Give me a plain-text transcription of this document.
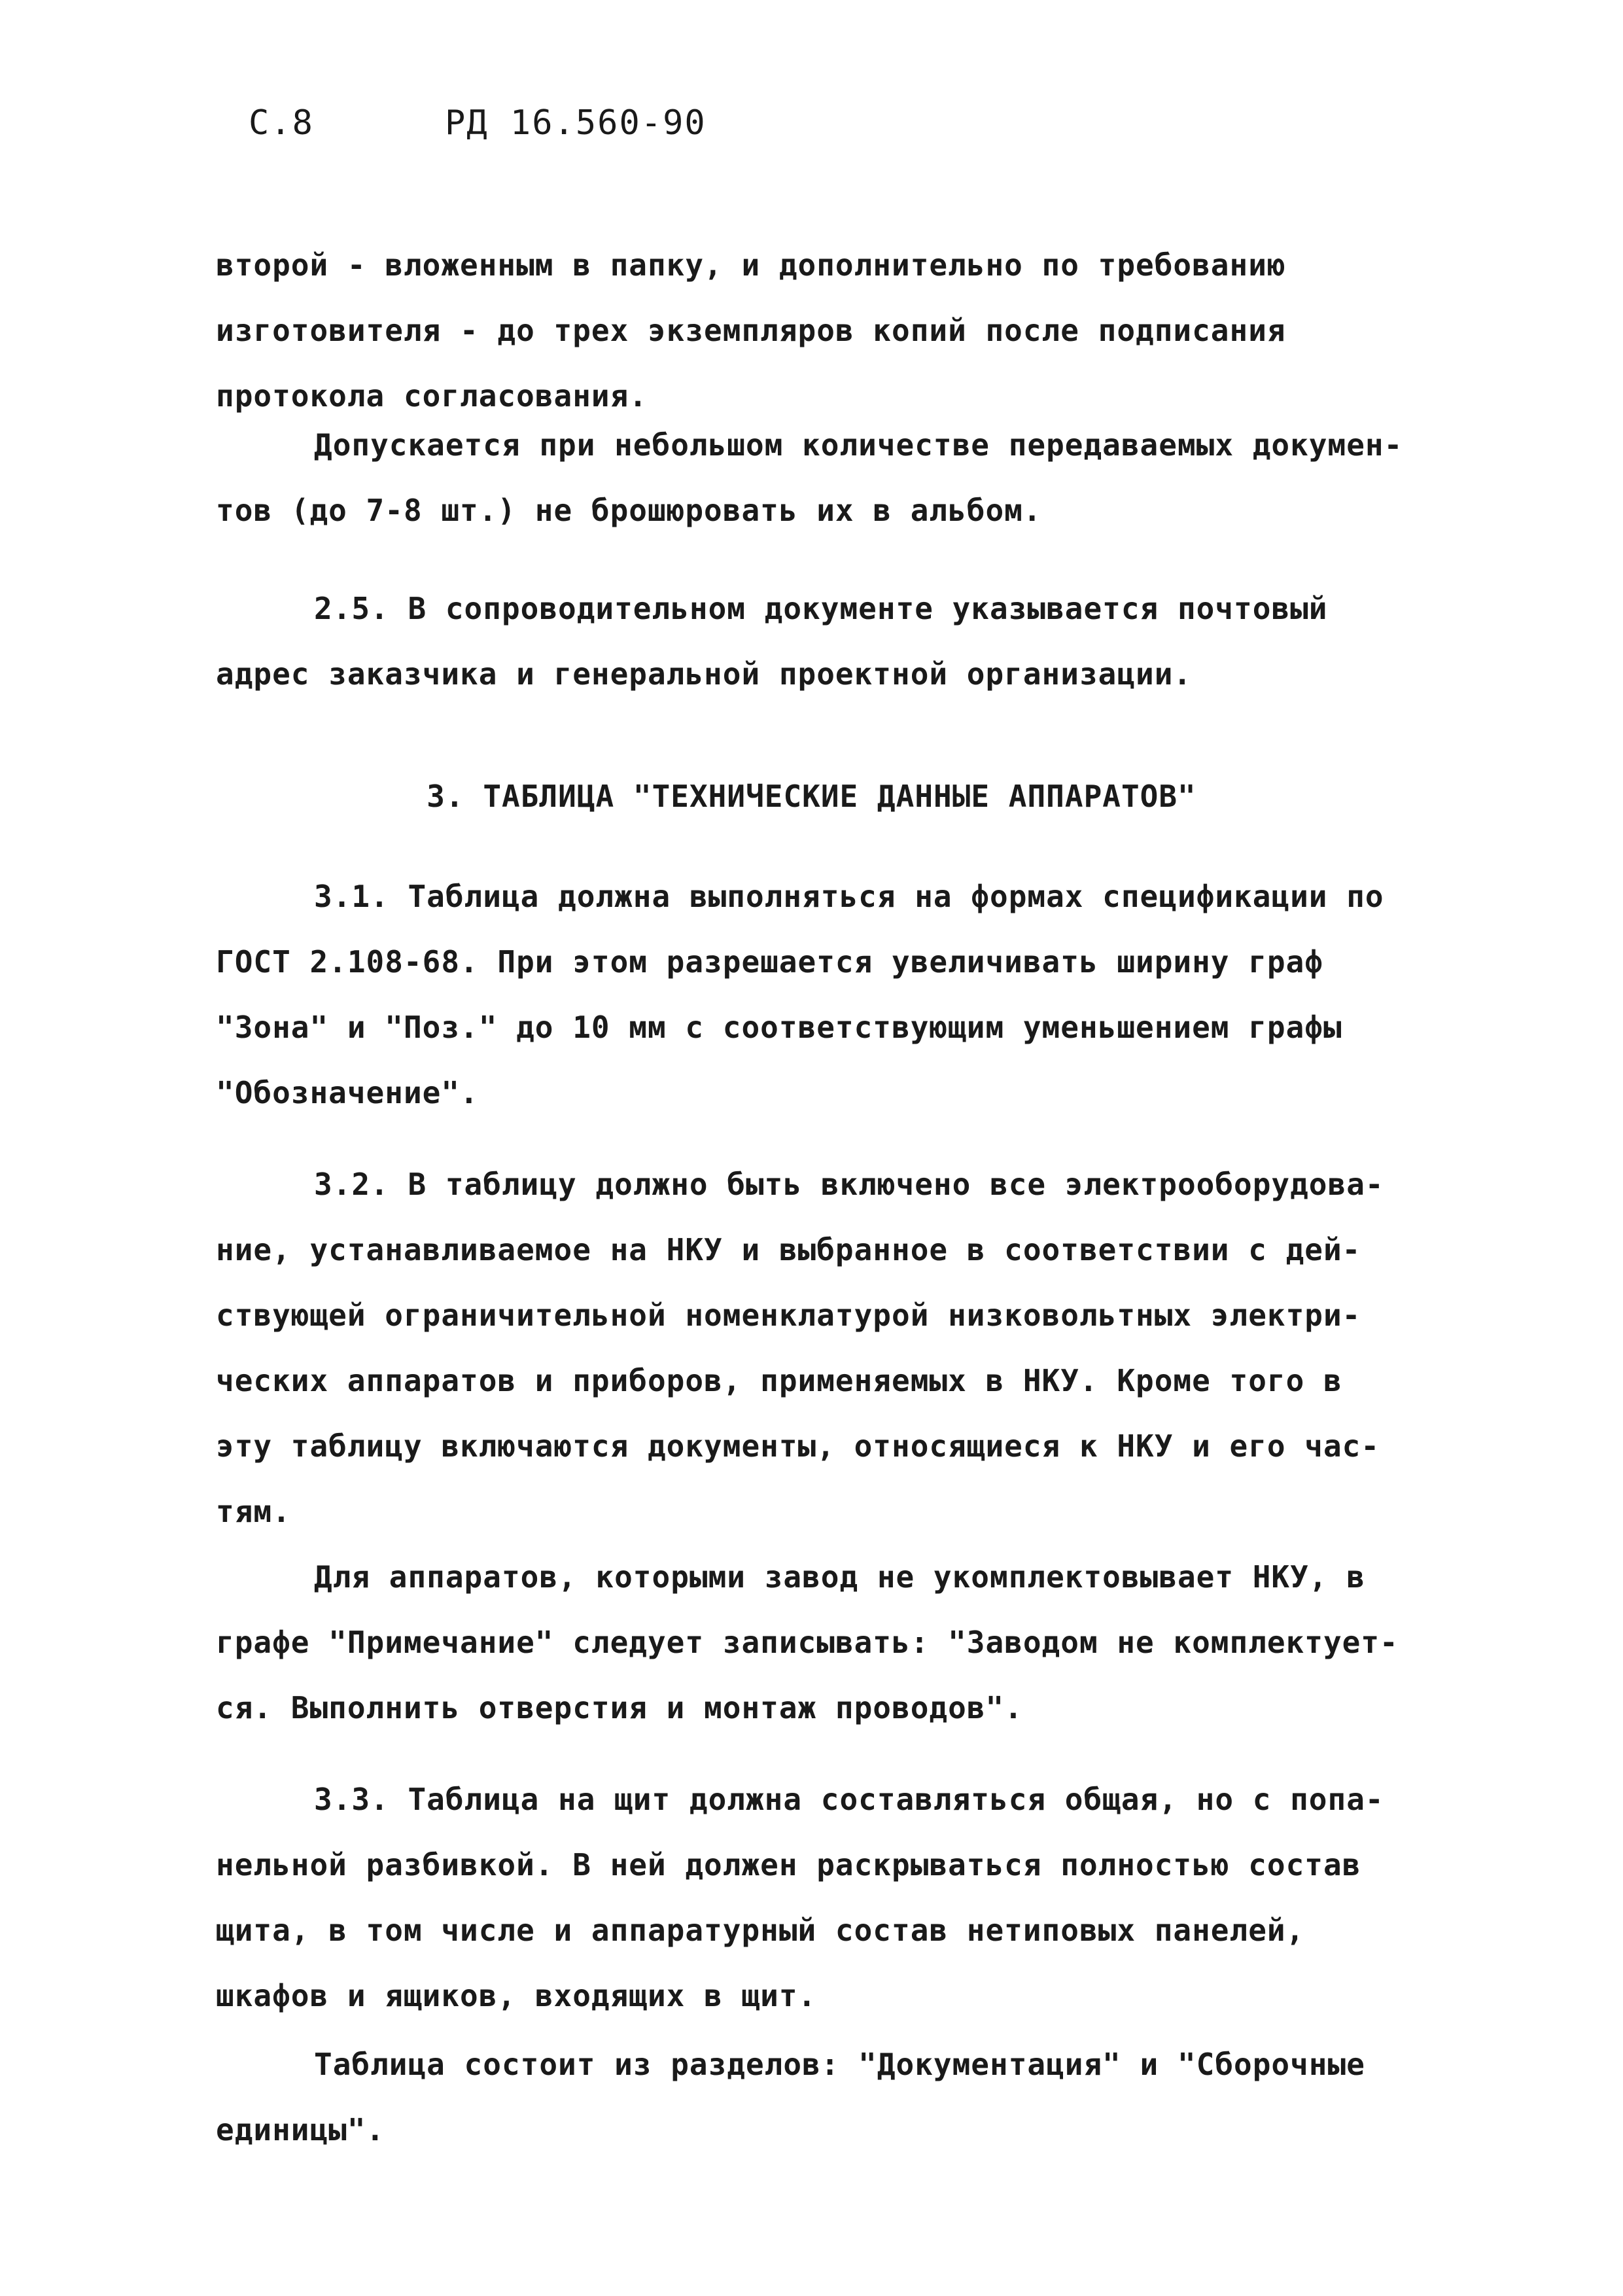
С.8	РД 16.560-90
второй - вложенным в папку, и дополнительно по требованию
изготовителя - до трех экземпляров копий после подписания
протокола согласования.
Допускается при небольшом количестве передаваемых докумен-
тов (до 7-8 шт.) не брошюровать их в альбом.
2.5. В сопроводительном документе указывается почтовый
адрес заказчика и генеральной проектной организации.
3. ТАБЛИЦА "ТЕХНИЧЕСКИЕ ДАННЫЕ АППАРАТОВ"
3.1. Таблица должна выполняться на формах спецификации по
ГОСТ 2.108-68. При этом разрешается увеличивать ширину граф
"Зона" и "Поз." до 10 мм с соответствующим уменьшением графы
"Обозначение".
3.2. В таблицу должно быть включено все электрооборудова-
ние, устанавливаемое на НКУ и выбранное в соответствии с дей-
ствующей ограничительной номенклатурой низковольтных электри-
ческих аппаратов и приборов, применяемых в НКУ. Кроме того в
эту таблицу включаются документы, относящиеся к НКУ и его час-
тям.
Для аппаратов, которыми завод не укомплектовывает НКУ, в
графе "Примечание" следует записывать: "Заводом не комплектует-
ся. Выполнить отверстия и монтаж проводов".
3.3. Таблица на щит должна составляться общая, но с попа-
нельной разбивкой. В ней должен раскрываться полностью состав
щита, в том числе и аппаратурный состав нетиповых панелей,
шкафов и ящиков, входящих в щит.
Таблица состоит из разделов: "Документация" и "Сборочные
единицы".
